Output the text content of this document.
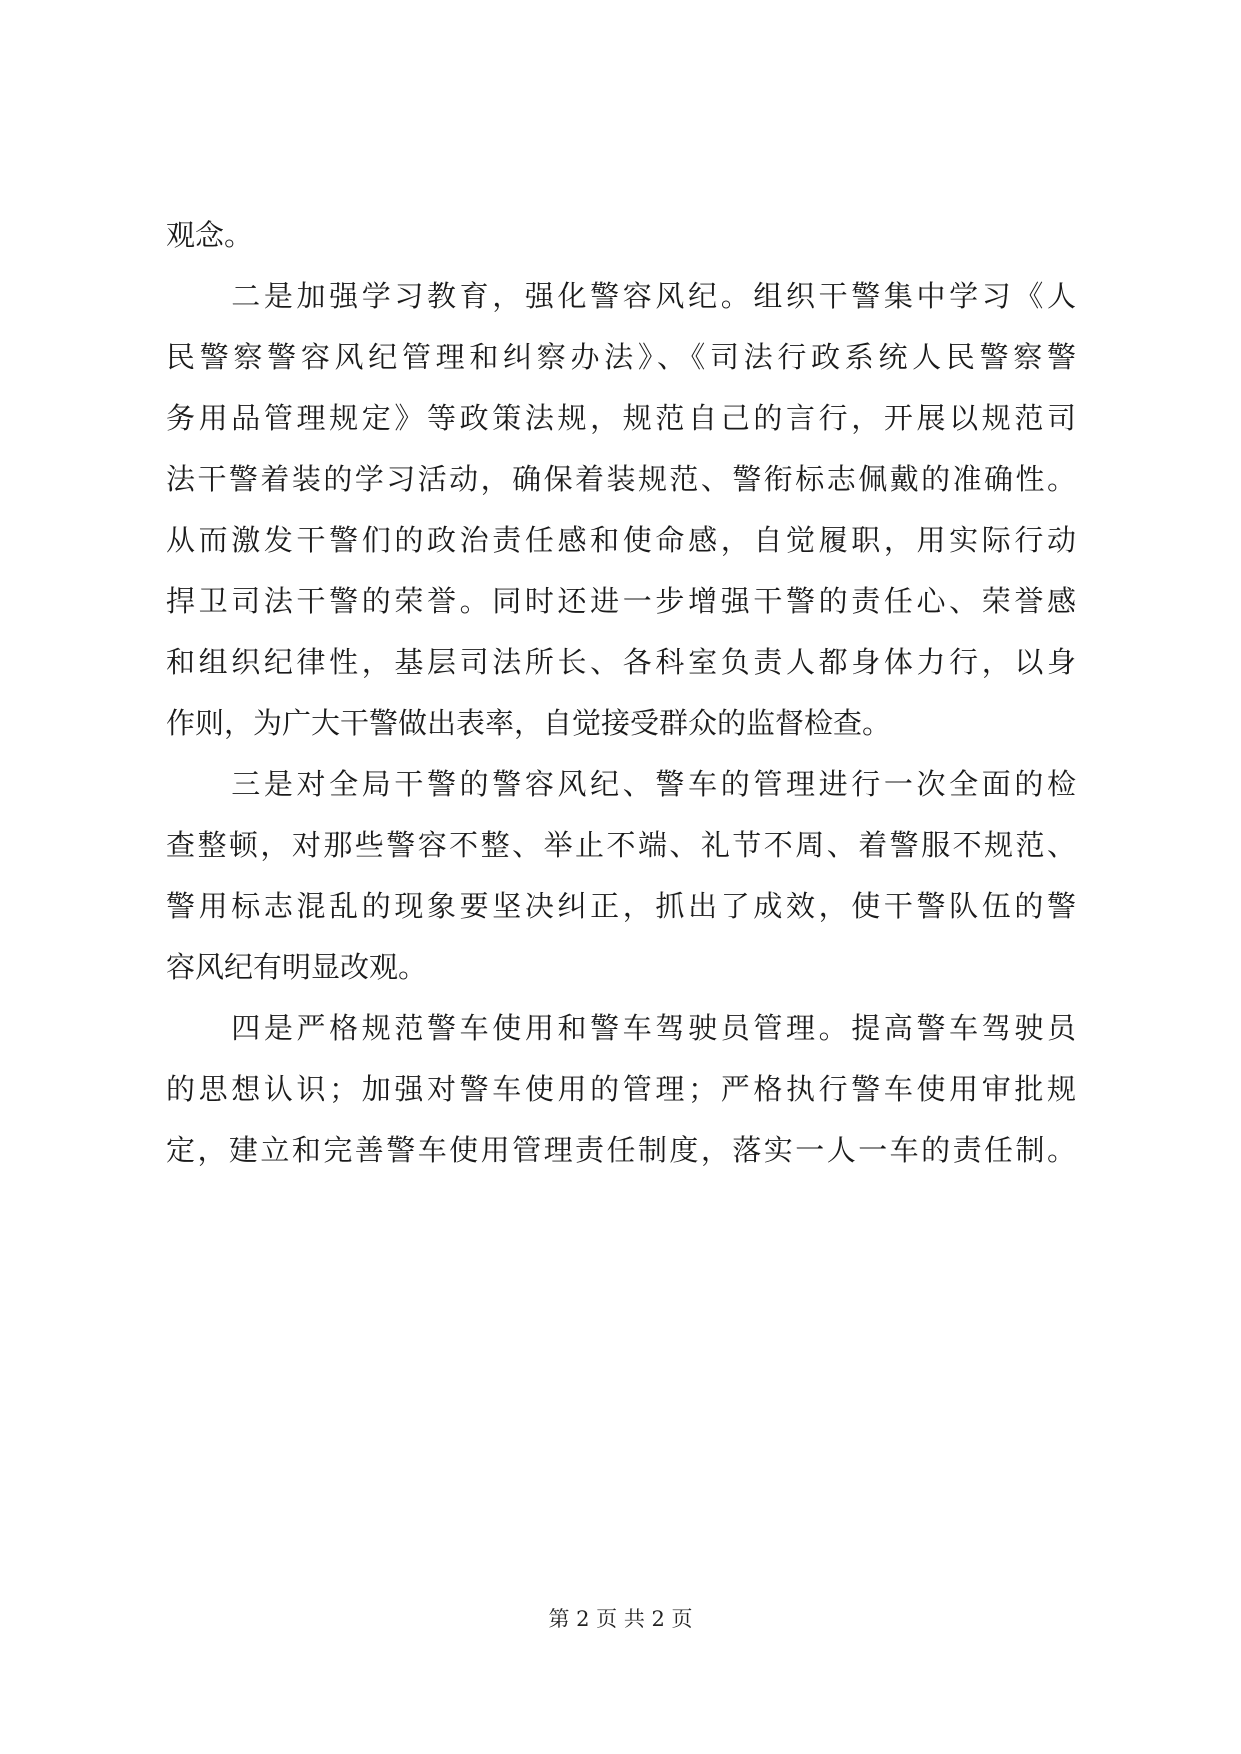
观念。
　　二是加强学习教育，强化警容风纪。组织干警集中学习《人
民警察警容风纪管理和纠察办法》、《司法行政系统人民警察警
务用品管理规定》等政策法规，规范自己的言行，开展以规范司
法干警着装的学习活动，确保着装规范、警衔标志佩戴的准确性。
从而激发干警们的政治责任感和使命感，自觉履职，用实际行动
捍卫司法干警的荣誉。同时还进一步增强干警的责任心、荣誉感
和组织纪律性，基层司法所长、各科室负责人都身体力行，以身
作则，为广大干警做出表率，自觉接受群众的监督检查。
　　三是对全局干警的警容风纪、警车的管理进行一次全面的检
查整顿，对那些警容不整、举止不端、礼节不周、着警服不规范、
警用标志混乱的现象要坚决纠正，抓出了成效，使干警队伍的警
容风纪有明显改观。
　　四是严格规范警车使用和警车驾驶员管理。提高警车驾驶员
的思想认识；加强对警车使用的管理；严格执行警车使用审批规
定，建立和完善警车使用管理责任制度，落实一人一车的责任制。
第 2 页 共 2 页
